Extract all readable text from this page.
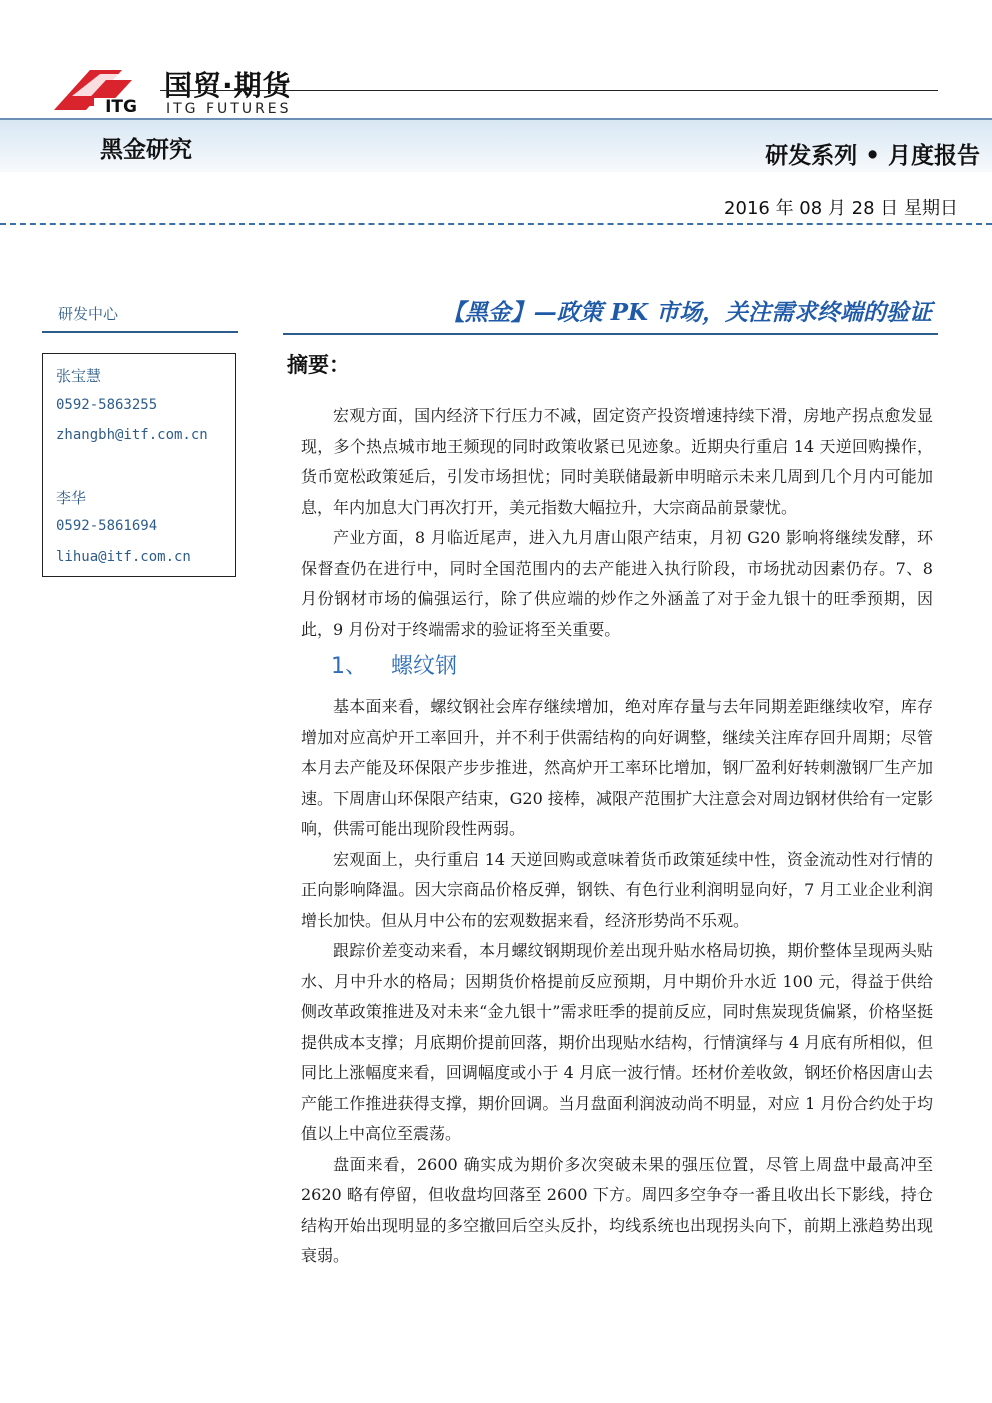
ITG
国贸·期货
ITG FUTURES
黑金研究	研发系列 • 月度报告
2016 年 08 月 28 日 星期日
研发中心
张宝慧
0592-5863255
zhangbh@itf.com.cn
李华
0592-5861694
lihua@itf.com.cn
【黑金】—政策 PK 市场，关注需求终端的验证
摘要：

宏观方面，国内经济下行压力不减，固定资产投资增速持续下滑，房地产拐点愈发显现，多个热点城市地王频现的同时政策收紧已见迹象。近期央行重启 14 天逆回购操作，货币宽松政策延后，引发市场担忧；同时美联储最新申明暗示未来几周到几个月内可能加息，年内加息大门再次打开，美元指数大幅拉升，大宗商品前景蒙忧。

产业方面，8 月临近尾声，进入九月唐山限产结束，月初 G20 影响将继续发酵，环保督查仍在进行中，同时全国范围内的去产能进入执行阶段，市场扰动因素仍存。7、8 月份钢材市场的偏强运行，除了供应端的炒作之外涵盖了对于金九银十的旺季预期，因此，9 月份对于终端需求的验证将至关重要。

1、 螺纹钢

基本面来看，螺纹钢社会库存继续增加，绝对库存量与去年同期差距继续收窄，库存增加对应高炉开工率回升，并不利于供需结构的向好调整，继续关注库存回升周期；尽管本月去产能及环保限产步步推进，然高炉开工率环比增加，钢厂盈利好转刺激钢厂生产加速。下周唐山环保限产结束，G20 接棒，减限产范围扩大注意会对周边钢材供给有一定影响，供需可能出现阶段性两弱。

宏观面上，央行重启 14 天逆回购或意味着货币政策延续中性，资金流动性对行情的正向影响降温。因大宗商品价格反弹，钢铁、有色行业利润明显向好，7 月工业企业利润增长加快。但从月中公布的宏观数据来看，经济形势尚不乐观。

跟踪价差变动来看，本月螺纹钢期现价差出现升贴水格局切换，期价整体呈现两头贴水、月中升水的格局；因期货价格提前反应预期，月中期价升水近 100 元，得益于供给侧改革政策推进及对未来“金九银十”需求旺季的提前反应，同时焦炭现货偏紧，价格坚挺提供成本支撑；月底期价提前回落，期价出现贴水结构，行情演绎与 4 月底有所相似，但同比上涨幅度来看，回调幅度或小于 4 月底一波行情。坯材价差收敛，钢坯价格因唐山去产能工作推进获得支撑，期价回调。当月盘面利润波动尚不明显，对应 1 月份合约处于均值以上中高位至震荡。

盘面来看，2600 确实成为期价多次突破未果的强压位置，尽管上周盘中最高冲至 2620 略有停留，但收盘均回落至 2600 下方。周四多空争夺一番且收出长下影线，持仓结构开始出现明显的多空撤回后空头反扑，均线系统也出现拐头向下，前期上涨趋势出现衰弱。
